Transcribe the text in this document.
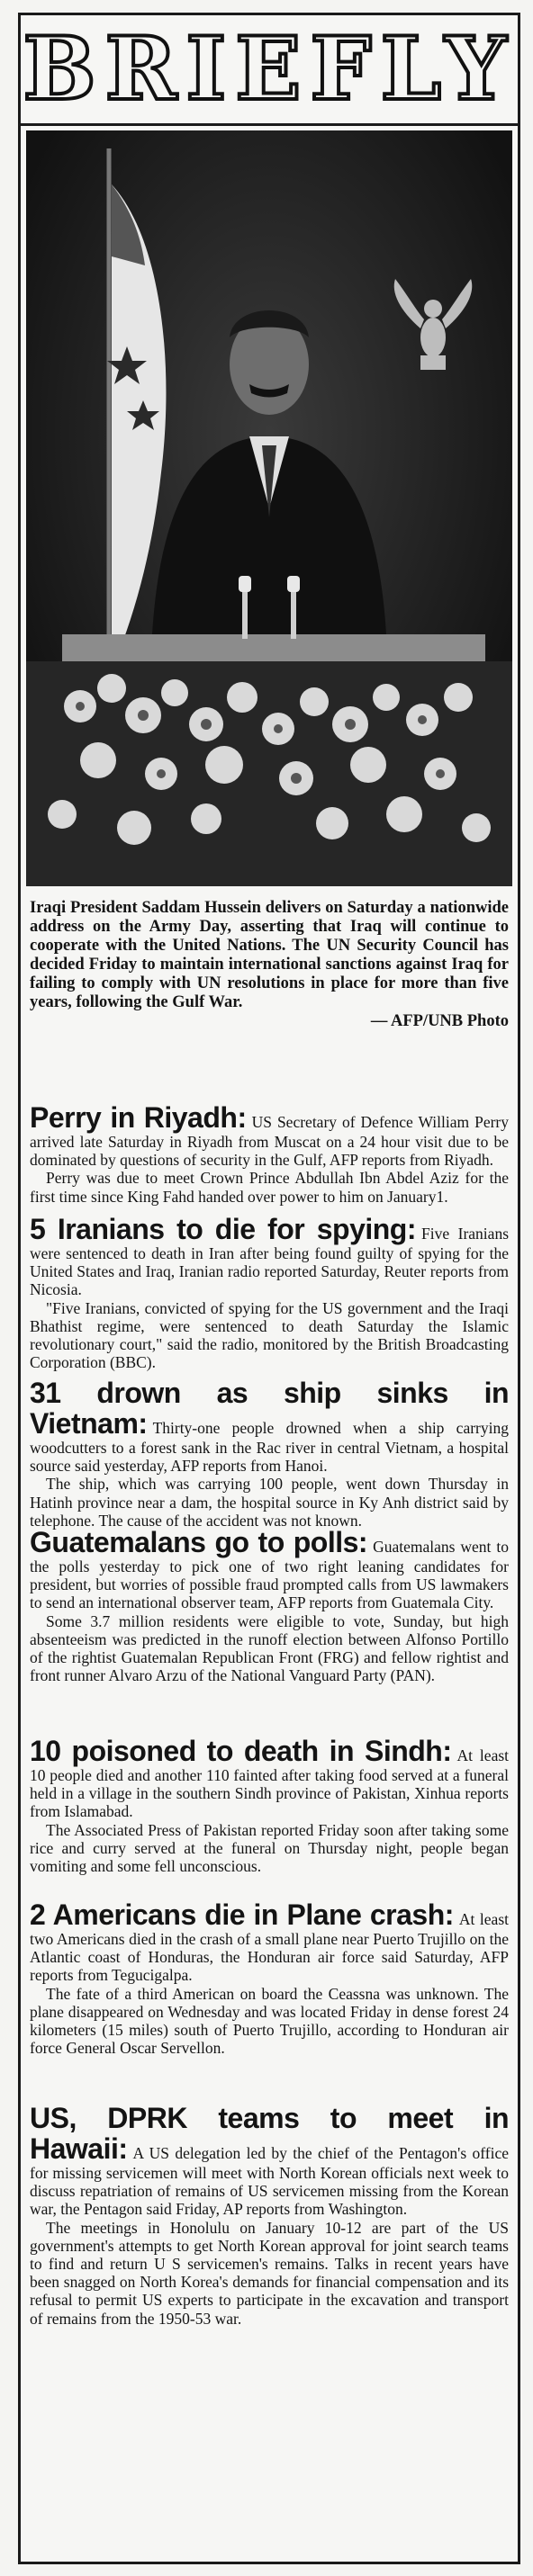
BRIEFLY
Iraqi President Saddam Hussein delivers on Saturday a nationwide address on the Army Day, asserting that Iraq will continue to cooperate with the United Nations. The UN Security Council has decided Friday to maintain international sanctions against Iraq for failing to comply with UN resolutions in place for more than five years, following the Gulf War.
— AFP/UNB Photo

Perry in Riyadh: US Secretary of Defence William Perry arrived late Saturday in Riyadh from Muscat on a 24 hour visit due to be dominated by questions of security in the Gulf, AFP reports from Riyadh.

Perry was due to meet Crown Prince Abdullah Ibn Abdel Aziz for the first time since King Fahd handed over power to him on January1.

5 Iranians to die for spying: Five Iranians were sentenced to death in Iran after being found guilty of spying for the United States and Iraq, Iranian radio reported Saturday, Reuter reports from Nicosia.

"Five Iranians, convicted of spying for the US government and the Iraqi Bhathist regime, were sentenced to death Saturday the Islamic revolutionary court," said the radio, monitored by the British Broadcasting Corporation (BBC).

31 drown as ship sinks in Vietnam: Thirty-one people drowned when a ship carrying woodcutters to a forest sank in the Rac river in central Vietnam, a hospital source said yesterday, AFP reports from Hanoi.

The ship, which was carrying 100 people, went down Thursday in Hatinh province near a dam, the hospital source in Ky Anh district said by telephone. The cause of the accident was not known.

Guatemalans go to polls: Guatemalans went to the polls yesterday to pick one of two right leaning candidates for president, but worries of possible fraud prompted calls from US lawmakers to send an international observer team, AFP reports from Guatemala City.

Some 3.7 million residents were eligible to vote, Sunday, but high absenteeism was predicted in the runoff election between Alfonso Portillo of the rightist Guatemalan Republican Front (FRG) and fellow rightist and front runner Alvaro Arzu of the National Vanguard Party (PAN).

10 poisoned to death in Sindh: At least 10 people died and another 110 fainted after taking food served at a funeral held in a village in the southern Sindh province of Pakistan, Xinhua reports from Islamabad.

The Associated Press of Pakistan reported Friday soon after taking some rice and curry served at the funeral on Thursday night, people began vomiting and some fell unconscious.

2 Americans die in Plane crash: At least two Americans died in the crash of a small plane near Puerto Trujillo on the Atlantic coast of Honduras, the Honduran air force said Saturday, AFP reports from Tegucigalpa.

The fate of a third American on board the Ceassna was unknown. The plane disappeared on Wednesday and was located Friday in dense forest 24 kilometers (15 miles) south of Puerto Trujillo, according to Honduran air force General Oscar Servellon.

US, DPRK teams to meet in Hawaii: A US delegation led by the chief of the Pentagon's office for missing servicemen will meet with North Korean officials next week to discuss repatriation of remains of US servicemen missing from the Korean war, the Pentagon said Friday, AP reports from Washington.

The meetings in Honolulu on January 10-12 are part of the US government's attempts to get North Korean approval for joint search teams to find and return U S servicemen's remains. Talks in recent years have been snagged on North Korea's demands for financial compensation and its refusal to permit US experts to participate in the excavation and transport of remains from the 1950-53 war.
